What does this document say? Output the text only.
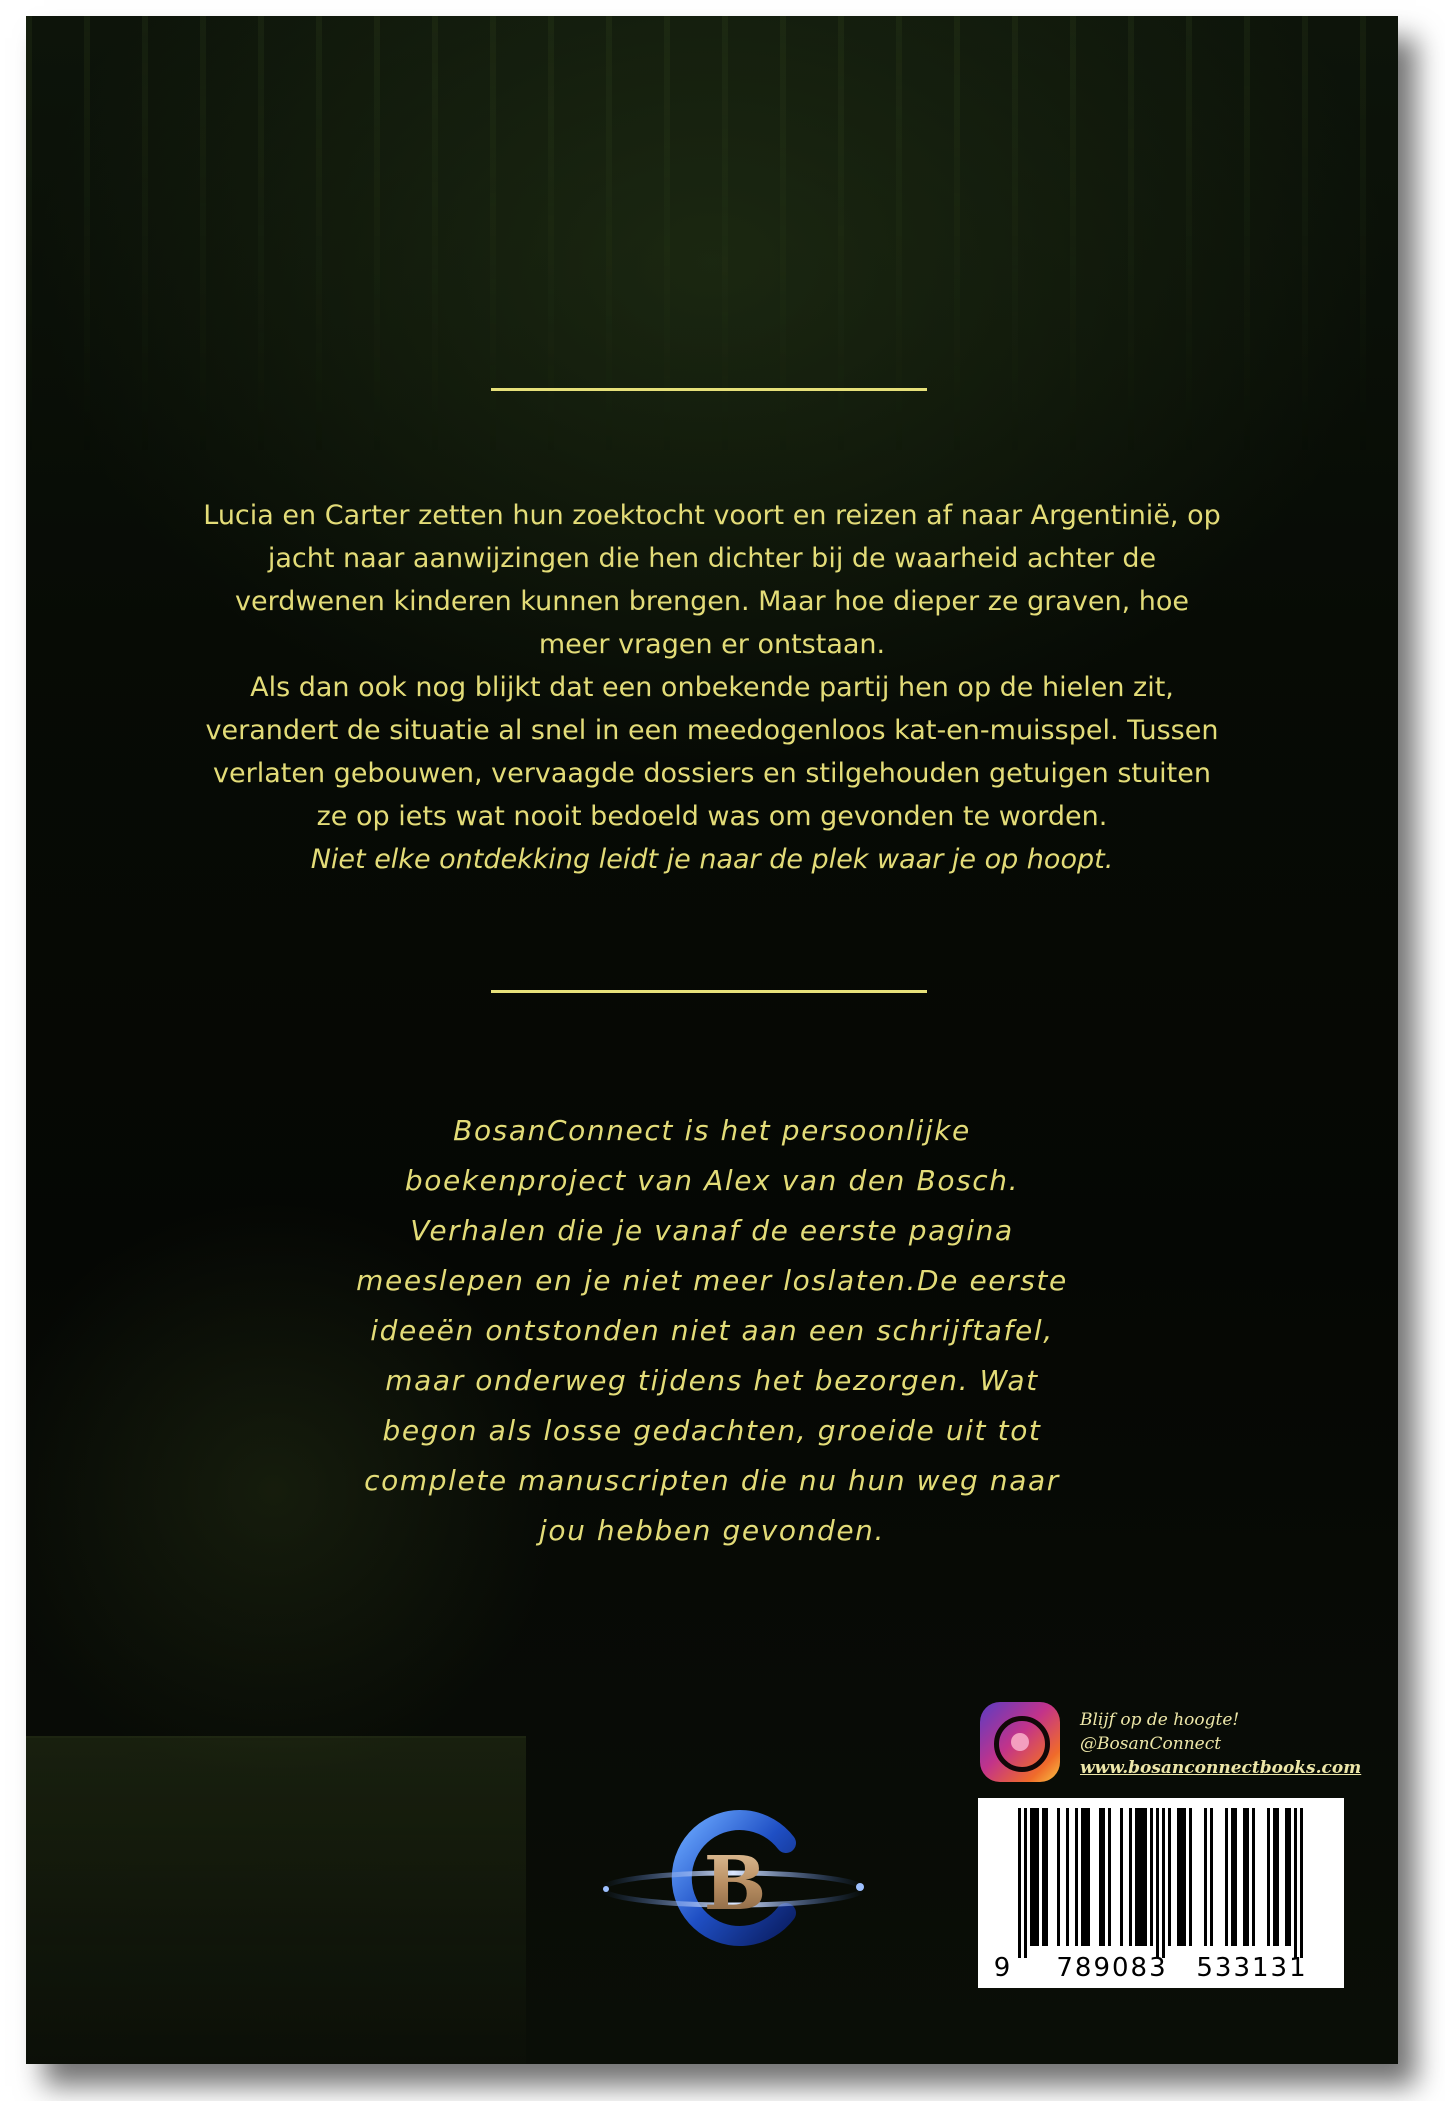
Lucia en Carter zetten hun zoektocht voort en reizen af naar Argentinië, op

jacht naar aanwijzingen die hen dichter bij de waarheid achter de

verdwenen kinderen kunnen brengen. Maar hoe dieper ze graven, hoe

meer vragen er ontstaan.

Als dan ook nog blijkt dat een onbekende partij hen op de hielen zit,

verandert de situatie al snel in een meedogenloos kat-en-muisspel. Tussen

verlaten gebouwen, vervaagde dossiers en stilgehouden getuigen stuiten

ze op iets wat nooit bedoeld was om gevonden te worden.

Niet elke ontdekking leidt je naar de plek waar je op hoopt.

BosanConnect is het persoonlijke

boekenproject van Alex van den Bosch.

Verhalen die je vanaf de eerste pagina

meeslepen en je niet meer loslaten.De eerste

ideeën ontstonden niet aan een schrijftafel,

maar onderweg tijdens het bezorgen. Wat

begon als losse gedachten, groeide uit tot

complete manuscripten die nu hun weg naar

jou hebben gevonden.

Blijf op de hoogte!
@BosanConnect
www.bosanconnectbooks.com
B
9 789083 533131
